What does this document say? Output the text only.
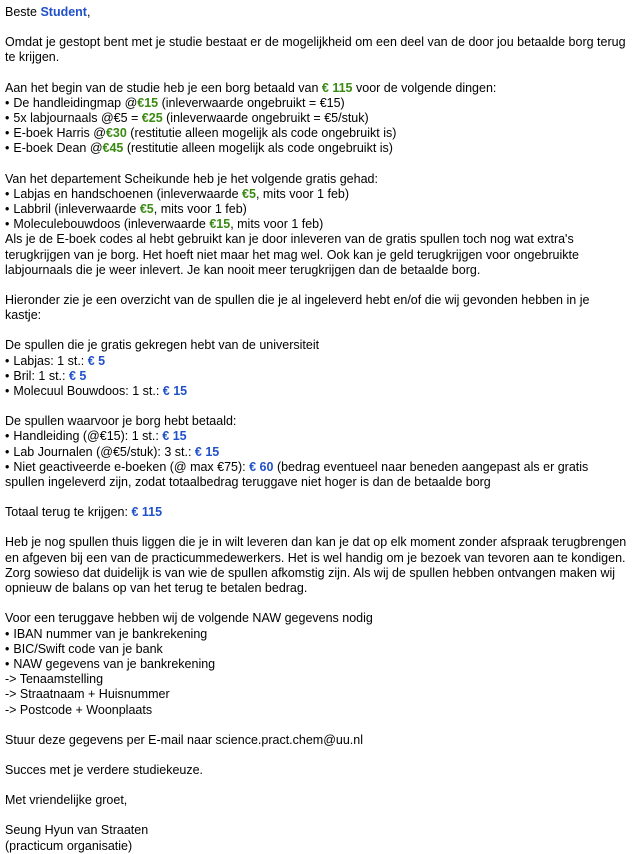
Beste Student,

Omdat je gestopt bent met je studie bestaat er de mogelijkheid om een deel van de door jou betaalde borg terug te krijgen.

Aan het begin van de studie heb je een borg betaald van € 115 voor de volgende dingen:

• De handleidingmap @€15 (inleverwaarde ongebruikt = €15)

• 5x labjournaals @€5 = €25 (inleverwaarde ongebruikt = €5/stuk)

• E-boek Harris @€30 (restitutie alleen mogelijk als code ongebruikt is)

• E-boek Dean @€45 (restitutie alleen mogelijk als code ongebruikt is)

Van het departement Scheikunde heb je het volgende gratis gehad:

• Labjas en handschoenen (inleverwaarde €5, mits voor 1 feb)

• Labbril (inleverwaarde €5, mits voor 1 feb)

• Moleculebouwdoos (inleverwaarde €15, mits voor 1 feb)

Als je de E-boek codes al hebt gebruikt kan je door inleveren van de gratis spullen toch nog wat extra's terugkrijgen van je borg. Het hoeft niet maar het mag wel. Ook kan je geld terugkrijgen voor ongebruikte labjournaals die je weer inlevert. Je kan nooit meer terugkrijgen dan de betaalde borg.

Hieronder zie je een overzicht van de spullen die je al ingeleverd hebt en/of die wij gevonden hebben in je kastje:

De spullen die je gratis gekregen hebt van de universiteit

• Labjas: 1 st.: € 5

• Bril: 1 st.: € 5

• Molecuul Bouwdoos: 1 st.: € 15

De spullen waarvoor je borg hebt betaald:

• Handleiding (@€15): 1 st.: € 15

• Lab Journalen (@€5/stuk): 3 st.: € 15

• Niet geactiveerde e-boeken (@ max €75): € 60 (bedrag eventueel naar beneden aangepast als er gratis spullen ingeleverd zijn, zodat totaalbedrag teruggave niet hoger is dan de betaalde borg

Totaal terug te krijgen: € 115

Heb je nog spullen thuis liggen die je in wilt leveren dan kan je dat op elk moment zonder afspraak terugbrengen en afgeven bij een van de practicummedewerkers. Het is wel handig om je bezoek van tevoren aan te kondigen. Zorg sowieso dat duidelijk is van wie de spullen afkomstig zijn. Als wij de spullen hebben ontvangen maken wij opnieuw de balans op van het terug te betalen bedrag.

Voor een teruggave hebben wij de volgende NAW gegevens nodig

• IBAN nummer van je bankrekening

• BIC/Swift code van je bank

• NAW gegevens van je bankrekening

-> Tenaamstelling

-> Straatnaam + Huisnummer

-> Postcode + Woonplaats

Stuur deze gegevens per E-mail naar science.pract.chem@uu.nl

Succes met je verdere studiekeuze.

Met vriendelijke groet,

Seung Hyun van Straaten

(practicum organisatie)
